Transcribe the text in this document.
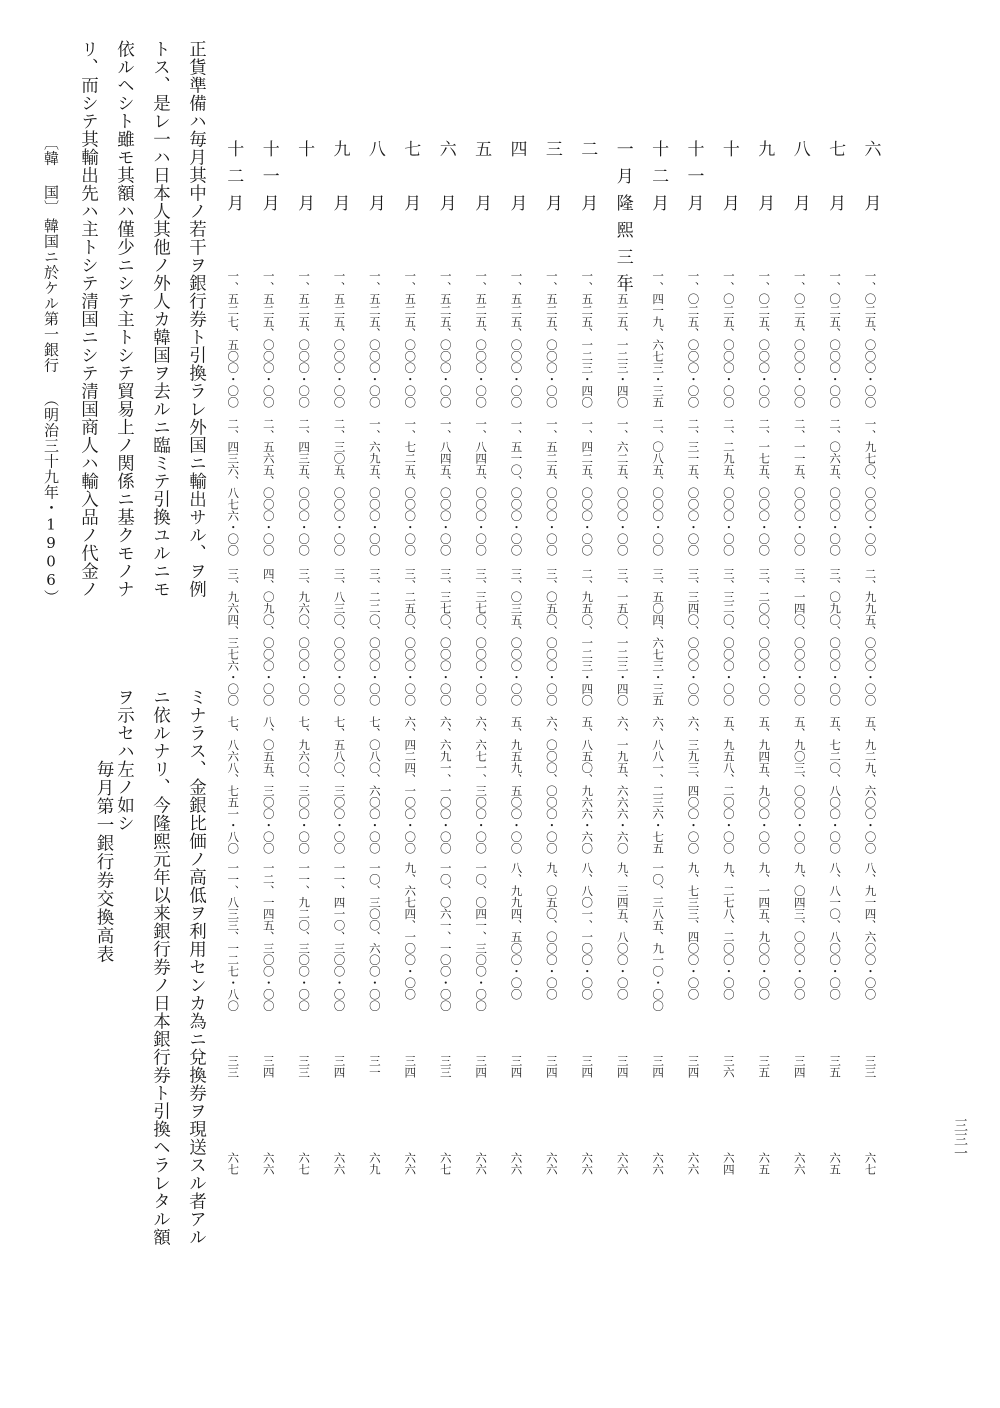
〔韓 国〕
韓国ニ於ケル第一銀行 （明治三十九年・1906）	正貨準備ハ毎月其中ノ若干ヲ銀行券ト引換ラレ外国ニ輸出サル、ヲ例
トス、是レ一ハ日本人其他ノ外人カ韓国ヲ去ルニ臨ミテ引換ユルニモ
依ルヘシト雖モ其額ハ僅少ニシテ主トシテ貿易上ノ関係ニ基クモノナ
リ、而シテ其輸出先ハ主トシテ清国ニシテ清国商人ハ輸入品ノ代金ノ
ミナラス、金銀比価ノ高低ヲ利用センカ為ニ兌換券ヲ現送スル者アル
ニ依ルナリ、今隆熙元年以来銀行券ノ日本銀行券ト引換ヘラレタル額
ヲ示セハ左ノ如シ
毎月第一銀行券交換高表
六　月
一、〇二五、〇〇〇・〇〇
一、九七〇、〇〇〇・〇〇
二、九九五、〇〇〇・〇〇
五、九二九、六〇〇・〇〇
八、九一四、六〇〇・〇〇
三三
六七
七　月
一、〇二五、〇〇〇・〇〇
二、〇六五、〇〇〇・〇〇
三、〇九〇、〇〇〇・〇〇
五、七二〇、八〇〇・〇〇
八、八一〇、八〇〇・〇〇
三五
六五
八　月
一、〇二五、〇〇〇・〇〇
二、一一五、〇〇〇・〇〇
三、一四〇、〇〇〇・〇〇
五、九〇三、〇〇〇・〇〇
九、〇四三、〇〇〇・〇〇
三四
六六
九　月
一、〇二五、〇〇〇・〇〇
二、一七五、〇〇〇・〇〇
三、二〇〇、〇〇〇・〇〇
五、九四五、九〇〇・〇〇
九、一四五、九〇〇・〇〇
三五
六五
十　月
一、〇二五、〇〇〇・〇〇
二、二九五、〇〇〇・〇〇
三、三二〇、〇〇〇・〇〇
五、九五八、二〇〇・〇〇
九、二七八、二〇〇・〇〇
三六
六四
十一月
一、〇二五、〇〇〇・〇〇
二、三一五、〇〇〇・〇〇
三、三四〇、〇〇〇・〇〇
六、三九三、四〇〇・〇〇
九、七三三、四〇〇・〇〇
三四
六六
十二月
一、四一九、六七三・三五
二、〇八五、〇〇〇・〇〇
三、五〇四、六七三・三五
六、八八一、二三六・七五
一〇、三八五、九一〇・〇〇
三四
六六
一月隆熙三年
一、五二五、一二三・四〇
一、六二五、〇〇〇・〇〇
三、一五〇、一二三・四〇
六、一九五、六六六・六〇
九、三四五、八〇〇・〇〇
三四
六六
二　月
一、五二五、一二三・四〇
一、四二五、〇〇〇・〇〇
二、九五〇、一二三・四〇
五、八五〇、九六六・六〇
八、八〇一、一〇〇・〇〇
三四
六六
三　月
一、五二五、〇〇〇・〇〇
一、五二五、〇〇〇・〇〇
三、〇五〇、〇〇〇・〇〇
六、〇〇〇、〇〇〇・〇〇
九、〇五〇、〇〇〇・〇〇
三四
六六
四　月
一、五二五、〇〇〇・〇〇
一、五一〇、〇〇〇・〇〇
三、〇三五、〇〇〇・〇〇
五、九五九、五〇〇・〇〇
八、九九四、五〇〇・〇〇
三四
六六
五　月
一、五二五、〇〇〇・〇〇
一、八四五、〇〇〇・〇〇
三、三七〇、〇〇〇・〇〇
六、六七一、三〇〇・〇〇
一〇、〇四一、三〇〇・〇〇
三四
六六
六　月
一、五二五、〇〇〇・〇〇
一、八四五、〇〇〇・〇〇
三、三七〇、〇〇〇・〇〇
六、六九一、一〇〇・〇〇
一〇、〇六一、一〇〇・〇〇
三三
六七
七　月
一、五二五、〇〇〇・〇〇
一、七二五、〇〇〇・〇〇
三、二五〇、〇〇〇・〇〇
六、四二四、一〇〇・〇〇
九、六七四、一〇〇・〇〇
三四
六六
八　月
一、五二五、〇〇〇・〇〇
一、六九五、〇〇〇・〇〇
三、二二〇、〇〇〇・〇〇
七、〇八〇、六〇〇・〇〇
一〇、三〇〇、六〇〇・〇〇
三一
六九
九　月
一、五二五、〇〇〇・〇〇
二、三〇五、〇〇〇・〇〇
三、八三〇、〇〇〇・〇〇
七、五八〇、三〇〇・〇〇
一一、四一〇、三〇〇・〇〇
三四
六六
十　月
一、五二五、〇〇〇・〇〇
二、四三五、〇〇〇・〇〇
三、九六〇、〇〇〇・〇〇
七、九六〇、三〇〇・〇〇
一一、九二〇、三〇〇・〇〇
三三
六七
十一月
一、五二五、〇〇〇・〇〇
二、五六五、〇〇〇・〇〇
四、〇九〇、〇〇〇・〇〇
八、〇五五、三〇〇・〇〇
一二、一四五、三〇〇・〇〇
三四
六六
十二月
一、五二七、五〇〇・〇〇
二、四三六、八七六・〇〇
三、九六四、三七六・〇〇
七、八六八、七五一・八〇
一一、八三三、一二七・八〇
三三
六七
三三一
